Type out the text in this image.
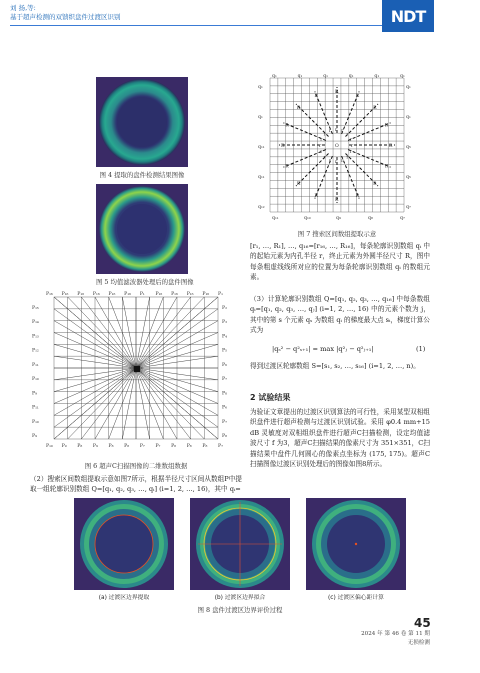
刘 扬,等:
基于超声检测的双馈织盘件过渡区识别	NDT
图 4 提取的盘件检测结果图像
图 5 均值滤波器处理后的盘件图像
P₁₆ P₁₆ P₁₆ P₁₆ P₁₆ P₁₆ P₁ P₁₆ P₁₆ P₁₆ P₁₆ P₁
P₁₀ P₉ P₈ P₉ P₈ P₈ P₇ P₇ P₈ P₈ P₈ P₇
P₁₅
P₁₄
P₁₃
P₁₂
P₁₁
P₁₀
P₉
P₁₁
P₁₀
P₉
P₂
P₃
P₄
P₅
P₆
P₇
P₈
P₆
P₇
P₈
图 6 超声C扫描图像的二维数组数据
（2）搜索区间数组提取示意如图7所示，根据半径尺寸区间从数组P中提取一组轮廓识别数组 Q=[q₁, q₂, q₃, …, qᵢ] (i=1, 2, …, 16)，其中 qᵢ=
O	r	R
r
R
r
R
r
R
r
R
r
R
r
R
r
R
r
R
r
R
r
R
r
R
r
R
r
R
r
R
r
R
q₁	q₁	q₁	q₁	q₁	q₁
q₁₁	q₁₀	q₉	q₈	q₇
q₁
q₁
q₁₁
q₁₁
q₁₂
q₁
q₁
q₅
q₅
q₇
图 7 搜索区间数组提取示意
[r₁, …, R₁], …, q₁₆=[r₁₆, …, R₁₆]，每条轮廓识别数组 qᵢ 中的起始元素为内孔半径 r，终止元素为外圆半径尺寸 R，图中每条粗虚线线所对应的位置为每条轮廓识别数组 qᵢ 的数组元素。
（3）计算轮廓识别数组 Q=[q₁, q₂, q₃, …, q₁₆] 中每条数组 qᵢ=[q₁, q₂, q₃, …, qⱼ] (i=1, 2, …, 16) 中的元素个数为 j，其中的第 s 个元素 qₛ 为数组 qᵢ 的梯度最大点 sᵢ，梯度计算公式为
|qₛ² − q²ₛ₊₁| = max |q²ⱼ − q²ⱼ₊₁|	(1)
得到过渡区轮廓数组 S=[s₁, s₂, …, s₁₆] (i=1, 2, …, n)。
2 试验结果
为验证文章提出的过渡区识别算法的可行性，采用某型双相组织盘件进行超声检测与过渡区识别试验。采用 φ0.4 mm+15 dB 灵敏度对双相组织盘件进行超声C扫描检测，设定均值滤波尺寸 f 为3，超声C扫描结果的像素尺寸为 351×351，C扫描结果中盘件几何圆心的像素点坐标为 (175, 175)。超声C扫描图像过渡区识别处理后的图像如图8所示。
(a) 过渡区边界提取	(b) 过渡区边界拟合	(c) 过渡区偏心距计算
图 8 盘件过渡区边界评价过程
45
2024 年 第 46 卷 第 11 期
无损检测
